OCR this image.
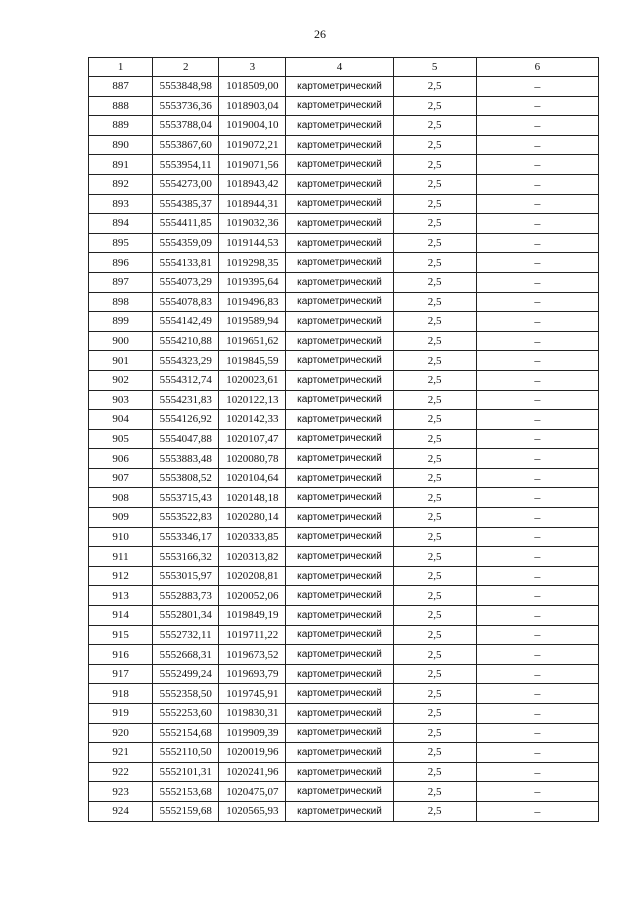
26
1	2	3	4	5	6
887	5553848,98	1018509,00	картометрический	2,5	–
888	5553736,36	1018903,04	картометрический	2,5	–
889	5553788,04	1019004,10	картометрический	2,5	–
890	5553867,60	1019072,21	картометрический	2,5	–
891	5553954,11	1019071,56	картометрический	2,5	–
892	5554273,00	1018943,42	картометрический	2,5	–
893	5554385,37	1018944,31	картометрический	2,5	–
894	5554411,85	1019032,36	картометрический	2,5	–
895	5554359,09	1019144,53	картометрический	2,5	–
896	5554133,81	1019298,35	картометрический	2,5	–
897	5554073,29	1019395,64	картометрический	2,5	–
898	5554078,83	1019496,83	картометрический	2,5	–
899	5554142,49	1019589,94	картометрический	2,5	–
900	5554210,88	1019651,62	картометрический	2,5	–
901	5554323,29	1019845,59	картометрический	2,5	–
902	5554312,74	1020023,61	картометрический	2,5	–
903	5554231,83	1020122,13	картометрический	2,5	–
904	5554126,92	1020142,33	картометрический	2,5	–
905	5554047,88	1020107,47	картометрический	2,5	–
906	5553883,48	1020080,78	картометрический	2,5	–
907	5553808,52	1020104,64	картометрический	2,5	–
908	5553715,43	1020148,18	картометрический	2,5	–
909	5553522,83	1020280,14	картометрический	2,5	–
910	5553346,17	1020333,85	картометрический	2,5	–
911	5553166,32	1020313,82	картометрический	2,5	–
912	5553015,97	1020208,81	картометрический	2,5	–
913	5552883,73	1020052,06	картометрический	2,5	–
914	5552801,34	1019849,19	картометрический	2,5	–
915	5552732,11	1019711,22	картометрический	2,5	–
916	5552668,31	1019673,52	картометрический	2,5	–
917	5552499,24	1019693,79	картометрический	2,5	–
918	5552358,50	1019745,91	картометрический	2,5	–
919	5552253,60	1019830,31	картометрический	2,5	–
920	5552154,68	1019909,39	картометрический	2,5	–
921	5552110,50	1020019,96	картометрический	2,5	–
922	5552101,31	1020241,96	картометрический	2,5	–
923	5552153,68	1020475,07	картометрический	2,5	–
924	5552159,68	1020565,93	картометрический	2,5	–
